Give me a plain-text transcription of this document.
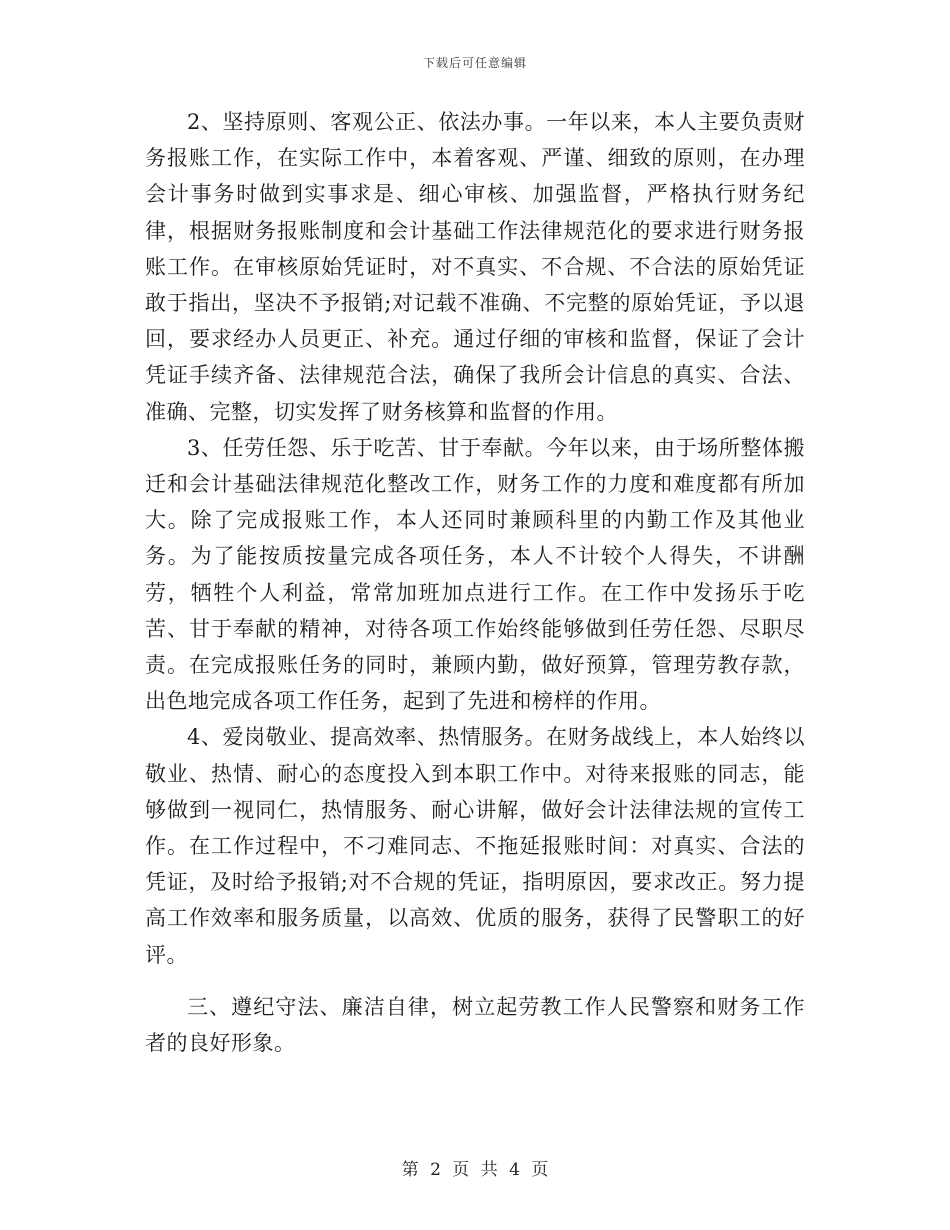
下载后可任意编辑

2、坚持原则、客观公正、依法办事。一年以来，本人主要负责财务报账工作，在实际工作中，本着客观、严谨、细致的原则，在办理会计事务时做到实事求是、细心审核、加强监督，严格执行财务纪律，根据财务报账制度和会计基础工作法律规范化的要求进行财务报账工作。在审核原始凭证时，对不真实、不合规、不合法的原始凭证敢于指出，坚决不予报销;对记载不准确、不完整的原始凭证，予以退回，要求经办人员更正、补充。通过仔细的审核和监督，保证了会计凭证手续齐备、法律规范合法，确保了我所会计信息的真实、合法、准确、完整，切实发挥了财务核算和监督的作用。

3、任劳任怨、乐于吃苦、甘于奉献。今年以来，由于场所整体搬迁和会计基础法律规范化整改工作，财务工作的力度和难度都有所加大。除了完成报账工作，本人还同时兼顾科里的内勤工作及其他业务。为了能按质按量完成各项任务，本人不计较个人得失，不讲酬劳，牺牲个人利益，常常加班加点进行工作。在工作中发扬乐于吃苦、甘于奉献的精神，对待各项工作始终能够做到任劳任怨、尽职尽责。在完成报账任务的同时，兼顾内勤，做好预算，管理劳教存款，出色地完成各项工作任务，起到了先进和榜样的作用。

4、爱岗敬业、提高效率、热情服务。在财务战线上，本人始终以敬业、热情、耐心的态度投入到本职工作中。对待来报账的同志，能够做到一视同仁，热情服务、耐心讲解，做好会计法律法规的宣传工作。在工作过程中，不刁难同志、不拖延报账时间：对真实、合法的凭证，及时给予报销;对不合规的凭证，指明原因，要求改正。努力提高工作效率和服务质量，以高效、优质的服务，获得了民警职工的好评。

三、遵纪守法、廉洁自律，树立起劳教工作人民警察和财务工作者的良好形象。

第 2 页 共 4 页
